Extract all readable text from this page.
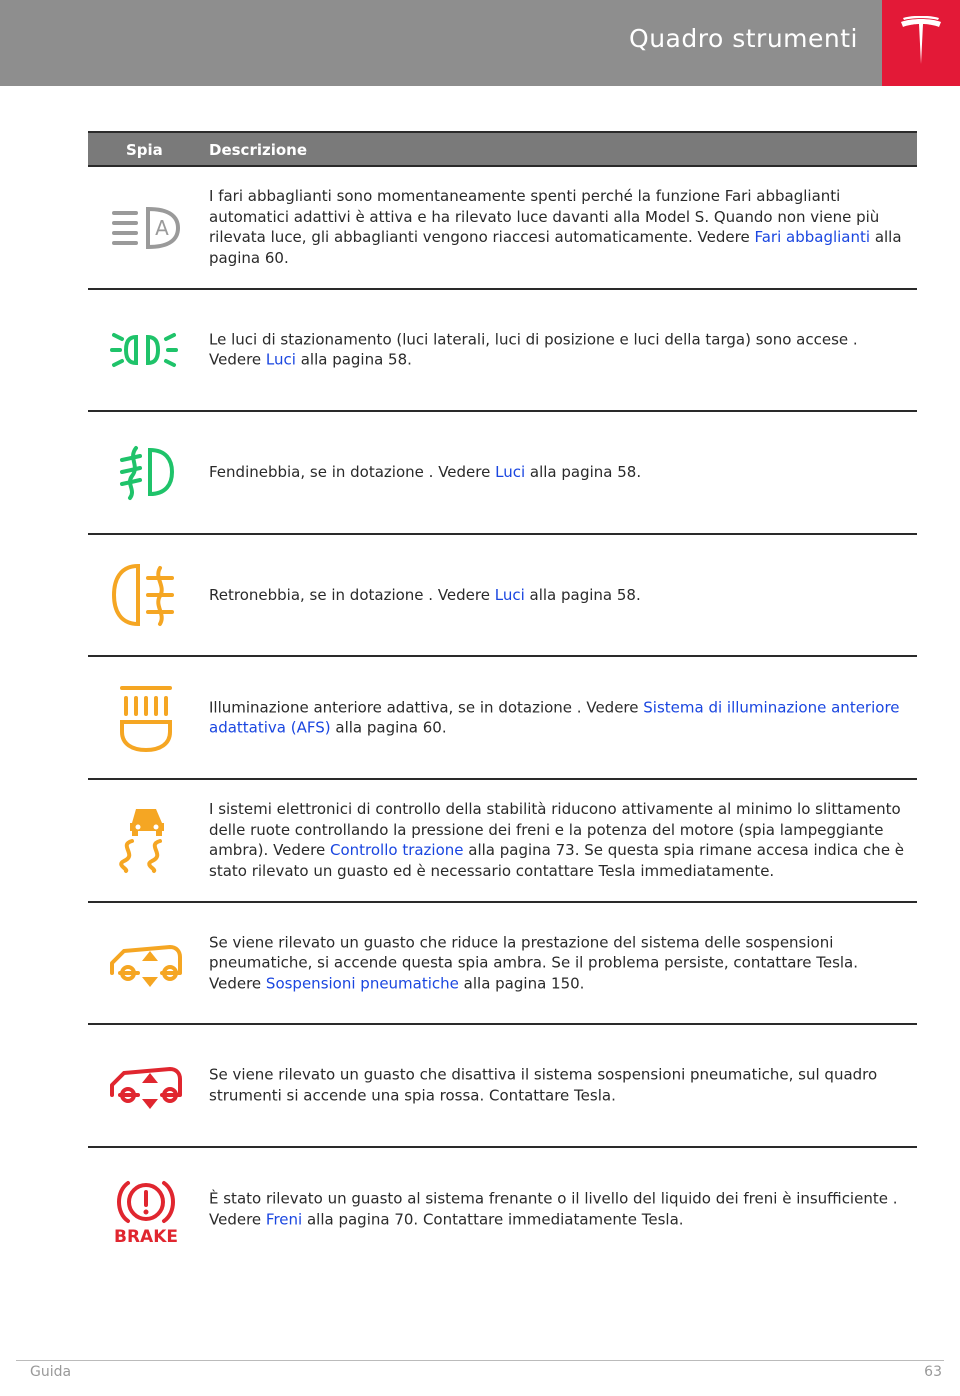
Quadro strumenti
Spia	Descrizione
A
I fari abbaglianti sono momentaneamente spenti perché la funzione Fari abbaglianti automatici adattivi è attiva e ha rilevato luce davanti alla Model S. Quando non viene più rilevata luce, gli abbaglianti vengono riaccesi automaticamente. Vedere Fari abbaglianti alla pagina 60.
Le luci di stazionamento (luci laterali, luci di posizione e luci della targa) sono accese . Vedere Luci alla pagina 58.
Fendinebbia, se in dotazione . Vedere Luci alla pagina 58.
Retronebbia, se in dotazione . Vedere Luci alla pagina 58.
Illuminazione anteriore adattiva, se in dotazione . Vedere Sistema di illuminazione anteriore adattativa (AFS) alla pagina 60.
I sistemi elettronici di controllo della stabilità riducono attivamente al minimo lo slittamento delle ruote controllando la pressione dei freni e la potenza del motore (spia lampeggiante ambra). Vedere Controllo trazione alla pagina 73. Se questa spia rimane accesa indica che è stato rilevato un guasto ed è necessario contattare Tesla immediatamente.
Se viene rilevato un guasto che riduce la prestazione del sistema delle sospensioni pneumatiche, si accende questa spia ambra. Se il problema persiste, contattare Tesla. Vedere Sospensioni pneumatiche alla pagina 150.
Se viene rilevato un guasto che disattiva il sistema sospensioni pneumatiche, sul quadro strumenti si accende una spia rossa. Contattare Tesla.
BRAKE
È stato rilevato un guasto al sistema frenante o il livello del liquido dei freni è insufficiente . Vedere Freni alla pagina 70. Contattare immediatamente Tesla.
Guida	63
